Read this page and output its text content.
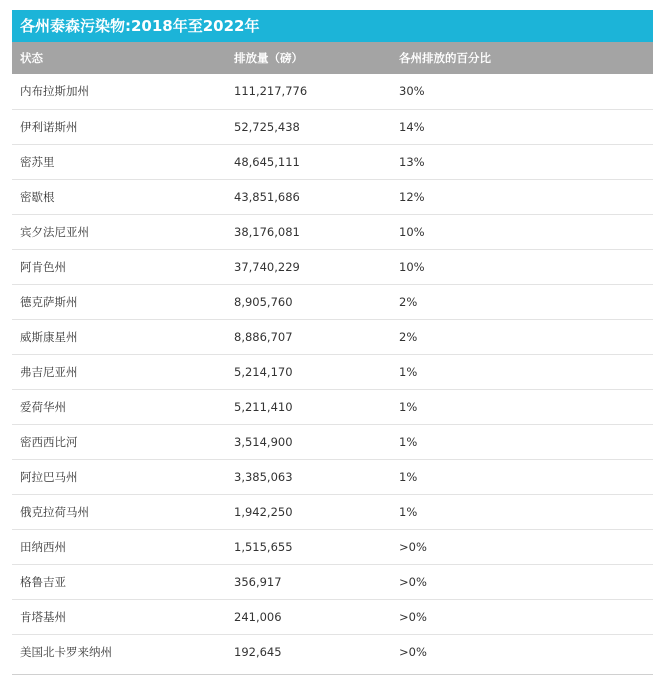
各州泰森污染物:2018年至2022年
状态	排放量（磅）	各州排放的百分比
内布拉斯加州	111,217,776	30%
伊利诺斯州	52,725,438	14%
密苏里	48,645,111	13%
密歇根	43,851,686	12%
宾夕法尼亚州	38,176,081	10%
阿肯色州	37,740,229	10%
德克萨斯州	8,905,760	2%
威斯康星州	8,886,707	2%
弗吉尼亚州	5,214,170	1%
爱荷华州	5,211,410	1%
密西西比河	3,514,900	1%
阿拉巴马州	3,385,063	1%
俄克拉荷马州	1,942,250	1%
田纳西州	1,515,655	>0%
格鲁吉亚	356,917	>0%
肯塔基州	241,006	>0%
美国北卡罗来纳州	192,645	>0%
